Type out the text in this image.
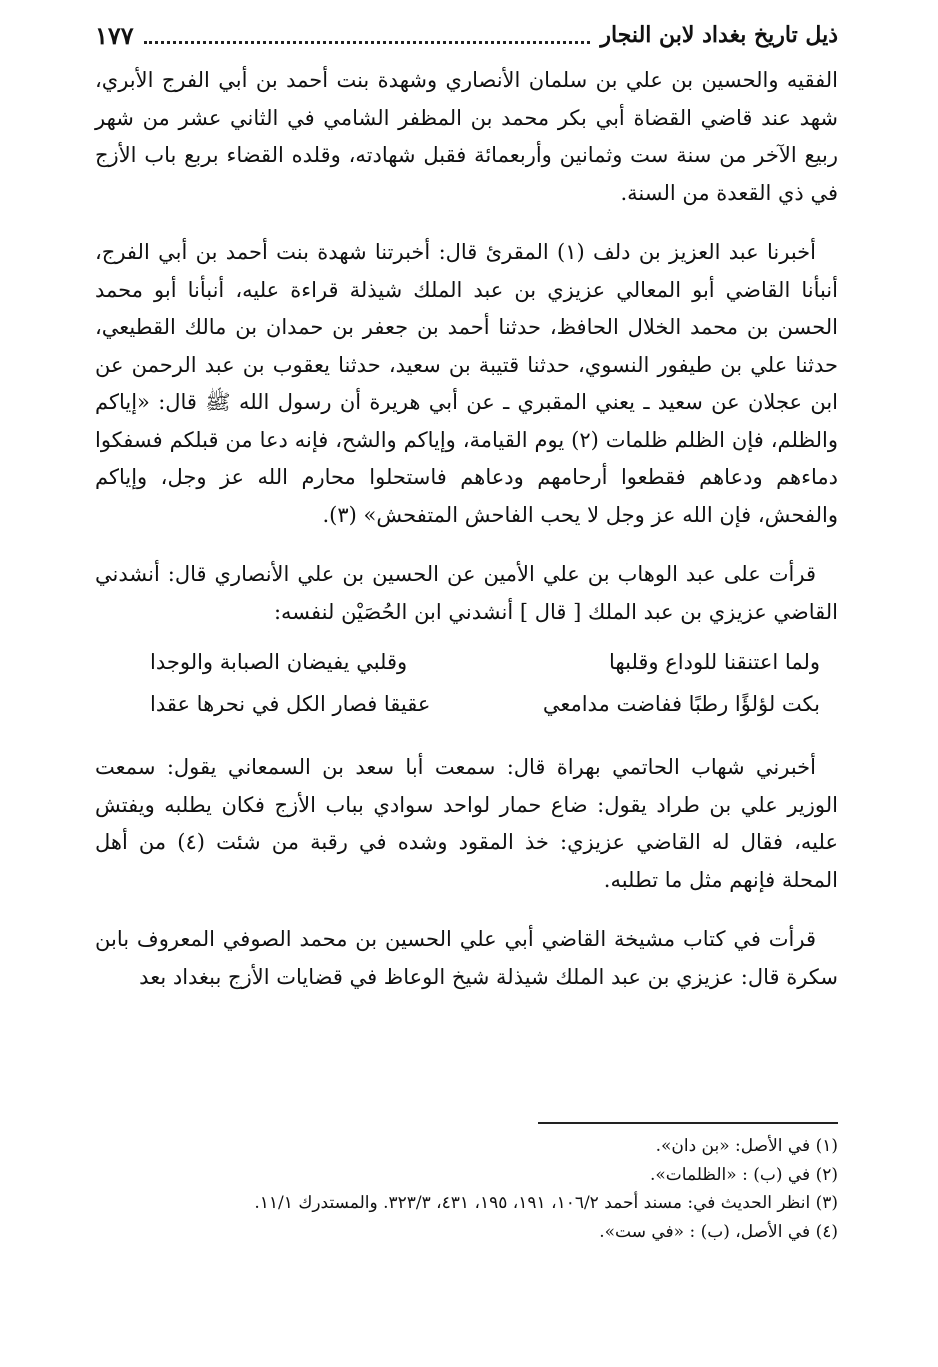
ذيل تاريخ بغداد لابن النجار
١٧٧

الفقيه والحسين بن علي بن سلمان الأنصاري وشهدة بنت أحمد بن أبي الفرج الأبري، شهد عند قاضي القضاة أبي بكر محمد بن المظفر الشامي في الثاني عشر من شهر ربيع الآخر من سنة ست وثمانين وأربعمائة فقبل شهادته، وقلده القضاء بربع باب الأزج في ذي القعدة من السنة.

أخبرنا عبد العزيز بن دلف (١) المقرئ قال: أخبرتنا شهدة بنت أحمد بن أبي الفرج، أنبأنا القاضي أبو المعالي عزيزي بن عبد الملك شيذلة قراءة عليه، أنبأنا أبو محمد الحسن بن محمد الخلال الحافظ، حدثنا أحمد بن جعفر بن حمدان بن مالك القطيعي، حدثنا علي بن طيفور النسوي، حدثنا قتيبة بن سعيد، حدثنا يعقوب بن عبد الرحمن عن ابن عجلان عن سعيد ـ يعني المقبري ـ عن أبي هريرة أن رسول الله ﷺ قال: «إياكم والظلم، فإن الظلم ظلمات (٢) يوم القيامة، وإياكم والشح، فإنه دعا من قبلكم فسفكوا دماءهم ودعاهم فقطعوا أرحامهم ودعاهم فاستحلوا محارم الله عز وجل، وإياكم والفحش، فإن الله عز وجل لا يحب الفاحش المتفحش» (٣).

قرأت على عبد الوهاب بن علي الأمين عن الحسين بن علي الأنصاري قال: أنشدني القاضي عزيزي بن عبد الملك [ قال ] أنشدني ابن الحُصَيْن لنفسه:

ولما اعتنقنا للوداع وقلبها
وقلبي يفيضان الصبابة والوجدا
بكت لؤلؤًا رطبًا ففاضت مدامعي
عقيقا فصار الكل في نحرها عقدا

أخبرني شهاب الحاتمي بهراة قال: سمعت أبا سعد بن السمعاني يقول: سمعت الوزير علي بن طراد يقول: ضاع حمار لواحد سوادي بباب الأزج فكان يطلبه ويفتش عليه، فقال له القاضي عزيزي: خذ المقود وشده في رقبة من شئت (٤) من أهل المحلة فإنهم مثل ما تطلبه.

قرأت في كتاب مشيخة القاضي أبي علي الحسين بن محمد الصوفي المعروف بابن سكرة قال: عزيزي بن عبد الملك شيذلة شيخ الوعاظ في قضايات الأزج ببغداد بعد

(١) في الأصل: «بن دان».
(٢) في (ب) : «الظلمات».
(٣) انظر الحديث في: مسند أحمد ١٠٦/٢، ١٩١، ١٩٥، ٤٣١، ٣٢٣/٣. والمستدرك ١١/١.
(٤) في الأصل، (ب) : «في ست».
